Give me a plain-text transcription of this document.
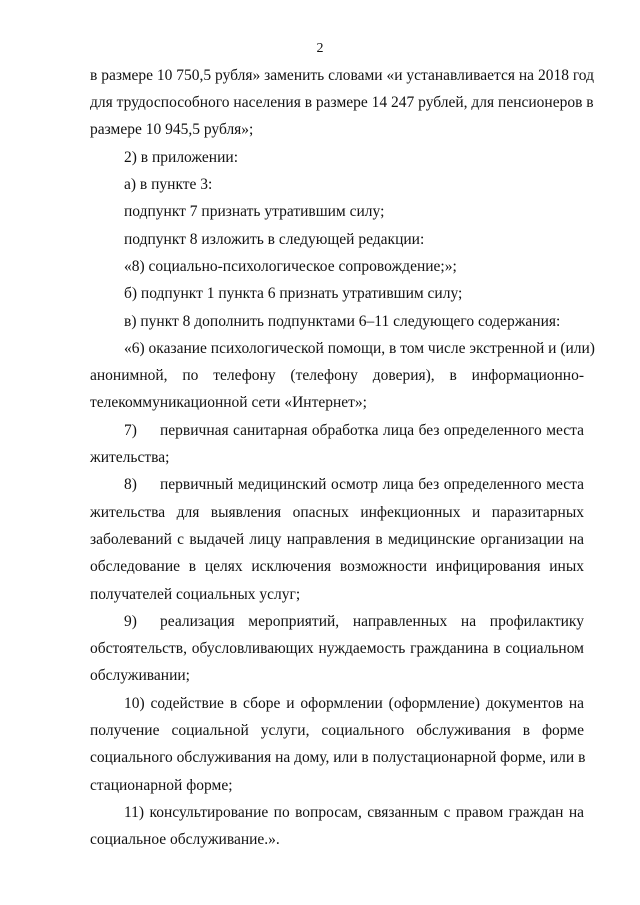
2
в размере 10 750,5 рубля» заменить словами «и устанавливается на 2018 год
для трудоспособного населения в размере 14 247 рублей, для пенсионеров в
размере 10 945,5 рубля»;
2) в приложении:
а) в пункте 3:
подпункт 7 признать утратившим силу;
подпункт 8 изложить в следующей редакции:
«8) социально-психологическое сопровождение;»;
б) подпункт 1 пункта 6 признать утратившим силу;
в) пункт 8 дополнить подпунктами 6–11 следующего содержания:
«6) оказание психологической помощи, в том числе экстренной и (или)
анонимной, по телефону (телефону доверия), в информационно-
телекоммуникационной сети «Интернет»;
7) первичная санитарная обработка лица без определенного места
жительства;
8) первичный медицинский осмотр лица без определенного места
жительства для выявления опасных инфекционных и паразитарных
заболеваний с выдачей лицу направления в медицинские организации на
обследование в целях исключения возможности инфицирования иных
получателей социальных услуг;
9) реализация мероприятий, направленных на профилактику
обстоятельств, обусловливающих нуждаемость гражданина в социальном
обслуживании;
10) содействие в сборе и оформлении (оформление) документов на
получение социальной услуги, социального обслуживания в форме
социального обслуживания на дому, или в полустационарной форме, или в
стационарной форме;
11) консультирование по вопросам, связанным с правом граждан на
социальное обслуживание.».
